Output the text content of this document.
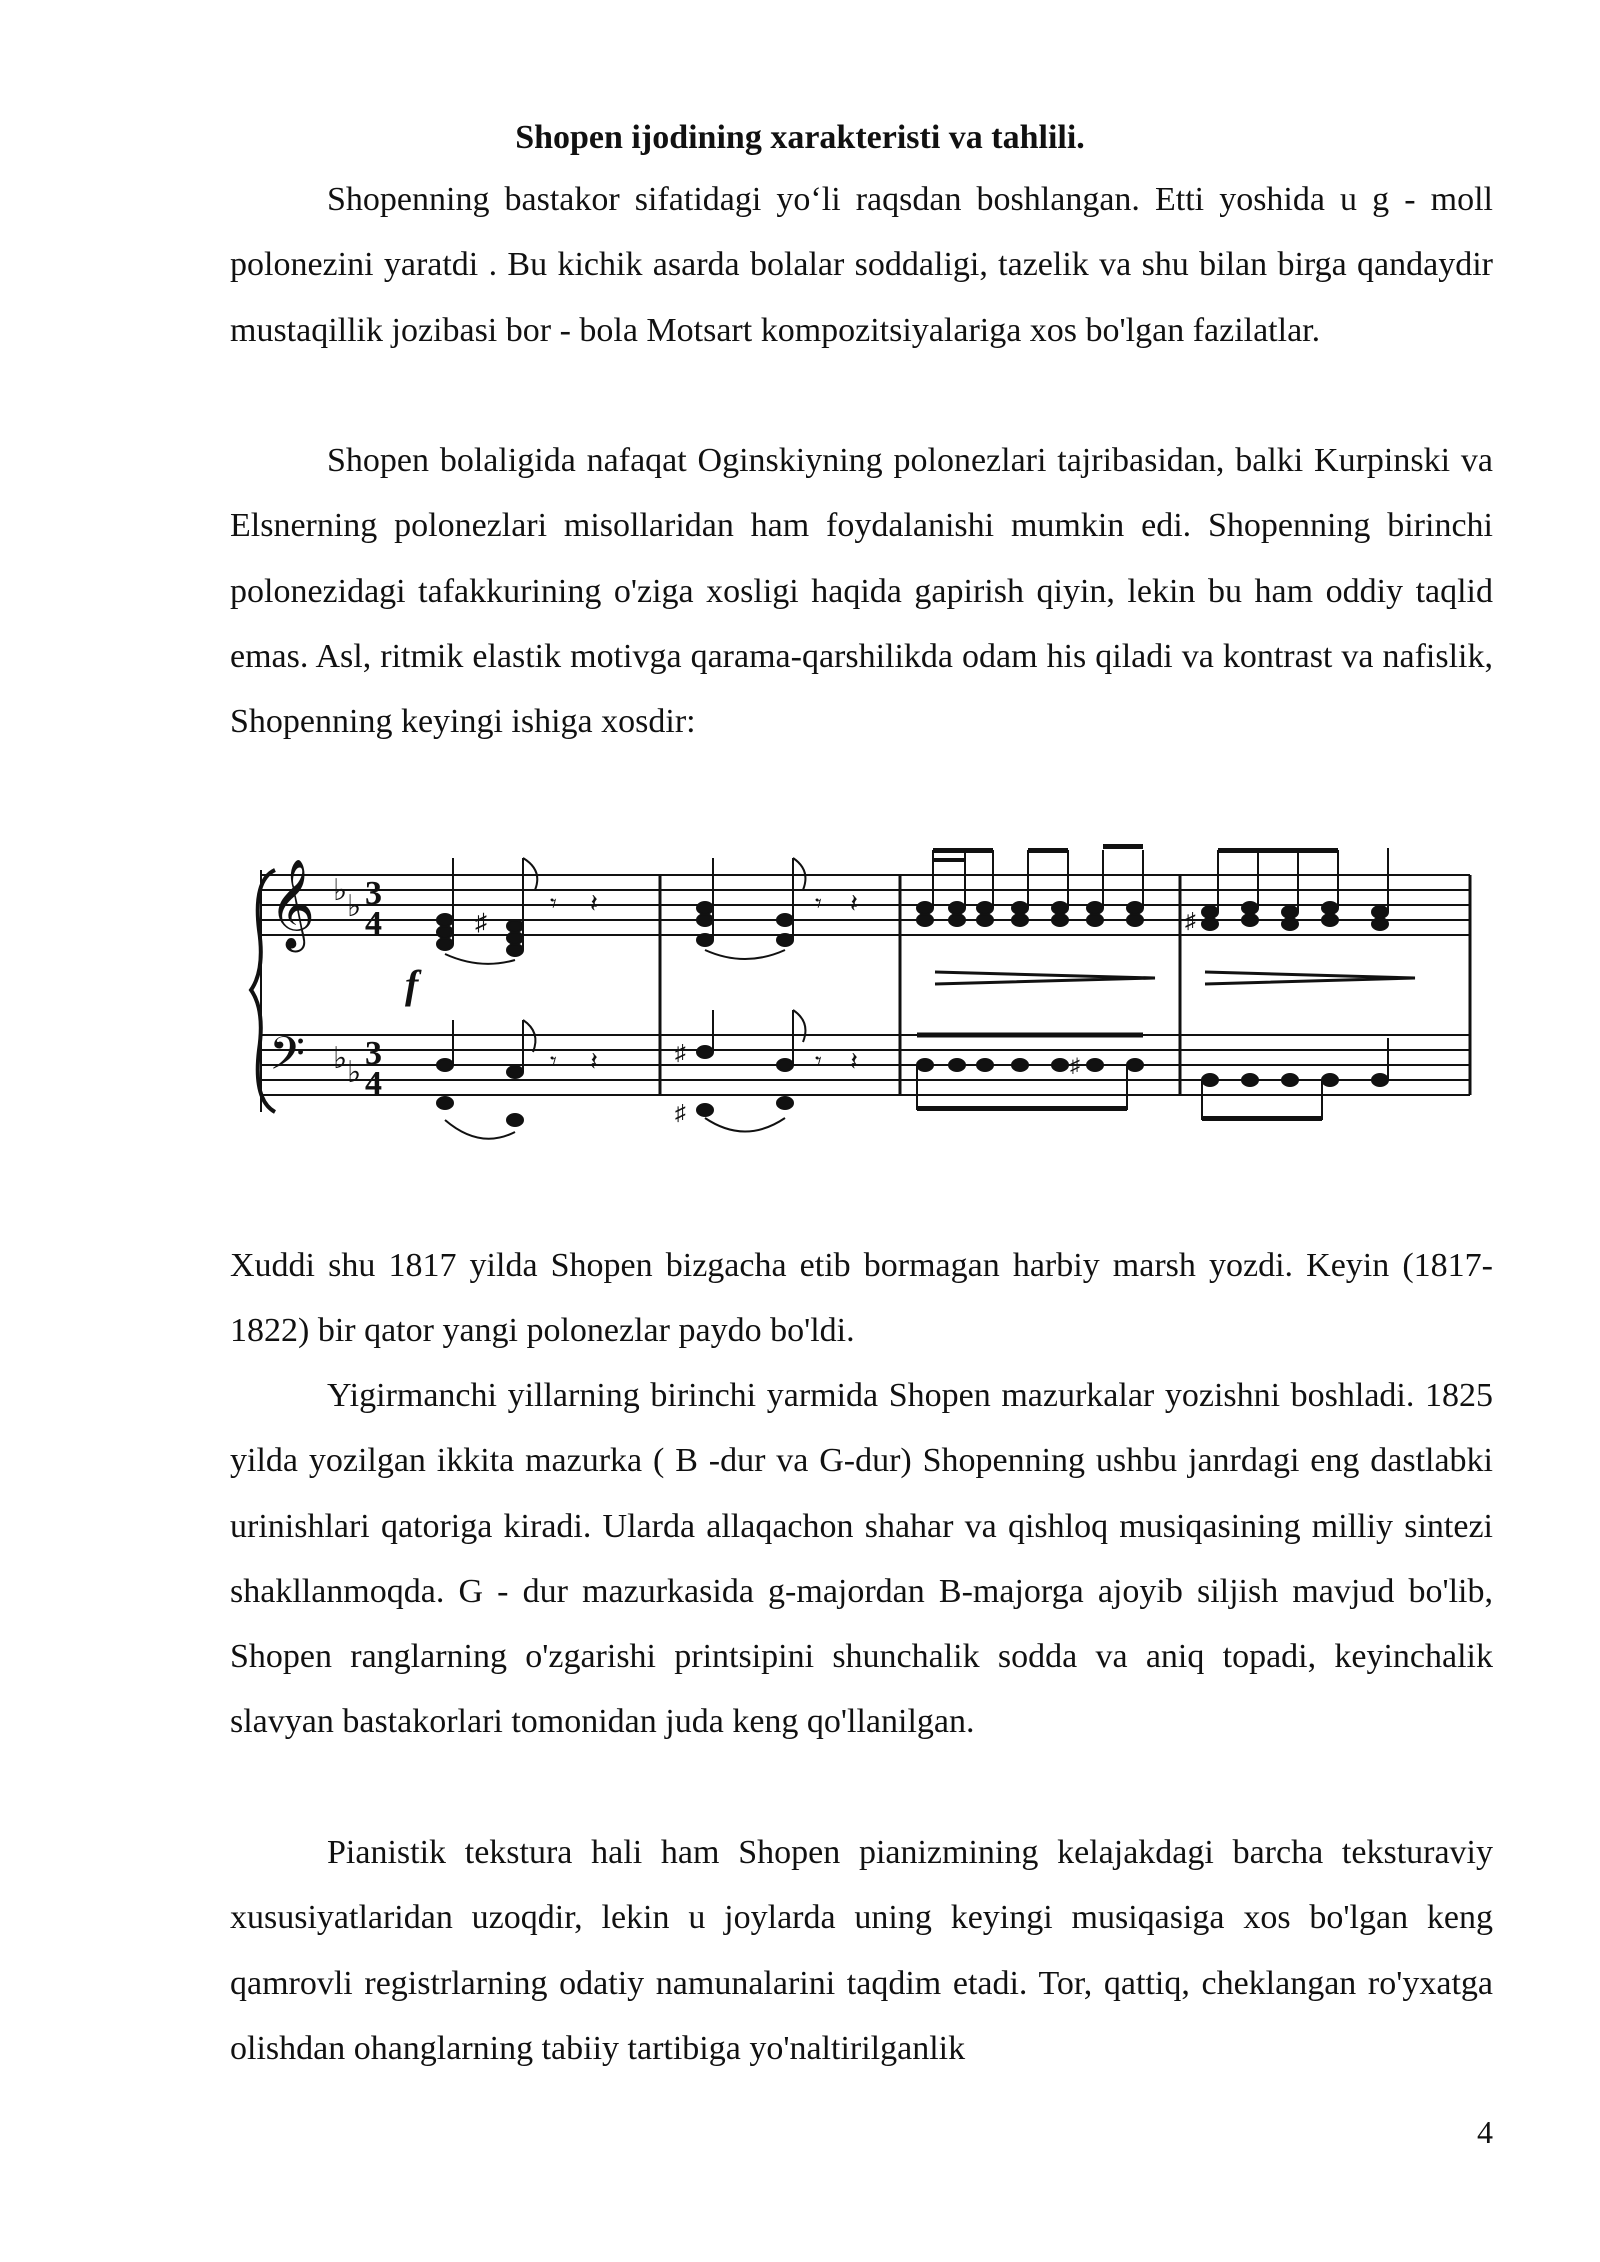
Shopen ijodining xarakteristi va tahlili.

Shopenning bastakor sifatidagi yo‘li raqsdan boshlangan. Etti yoshida u g - moll polonezini yaratdi . Bu kichik asarda bolalar soddaligi, tazelik va shu bilan birga qandaydir mustaqillik jozibasi bor - bola Motsart kompozitsiyalariga xos bo'lgan fazilatlar.

Shopen bolaligida nafaqat Oginskiyning polonezlari tajribasidan, balki Kurpinski va Elsnerning polonezlari misollaridan ham foydalanishi mumkin edi. Shopenning birinchi polonezidagi tafakkurining o'ziga xosligi haqida gapirish qiyin, lekin bu ham oddiy taqlid emas. Asl, ritmik elastik motivga qarama-qarshilikda odam his qiladi va kontrast va nafislik, Shopenning keyingi ishiga xosdir:

𝄞
𝄢
♭ ♭
♭ ♭
3
4
3
4
f
♯
𝄾 𝄽	𝄾 𝄽
♯
𝄾 𝄽	♯
♯
𝄾 𝄽	♯

Xuddi shu 1817 yilda Shopen bizgacha etib bormagan harbiy marsh yozdi. Keyin (1817-1822) bir qator yangi polonezlar paydo bo'ldi.

Yigirmanchi yillarning birinchi yarmida Shopen mazurkalar yozishni boshladi. 1825 yilda yozilgan ikkita mazurka ( B -dur va G-dur) Shopenning ushbu janrdagi eng dastlabki urinishlari qatoriga kiradi. Ularda allaqachon shahar va qishloq musiqasining milliy sintezi shakllanmoqda. G - dur mazurkasida g-majordan B-majorga ajoyib siljish mavjud bo'lib, Shopen ranglarning o'zgarishi printsipini shunchalik sodda va aniq topadi, keyinchalik slavyan bastakorlari tomonidan juda keng qo'llanilgan.

Pianistik tekstura hali ham Shopen pianizmining kelajakdagi barcha teksturaviy xususiyatlaridan uzoqdir, lekin u joylarda uning keyingi musiqasiga xos bo'lgan keng qamrovli registrlarning odatiy namunalarini taqdim etadi. Tor, qattiq, cheklangan ro'yxatga olishdan ohanglarning tabiiy tartibiga yo'naltirilganlik

4
